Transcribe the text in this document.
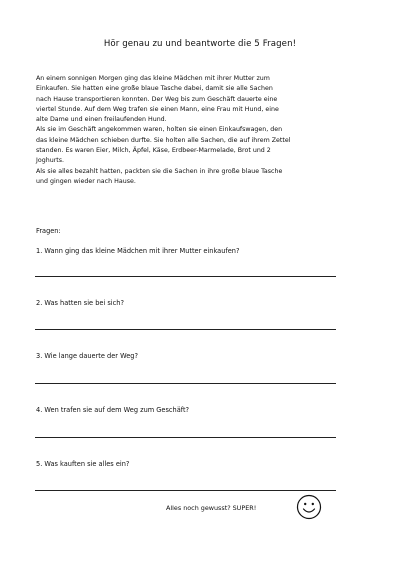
Hör genau zu und beantworte die 5 Fragen!
An einem sonnigen Morgen ging das kleine Mädchen mit ihrer Mutter zum
Einkaufen. Sie hatten eine große blaue Tasche dabei, damit sie alle Sachen
nach Hause transportieren konnten. Der Weg bis zum Geschäft dauerte eine
viertel Stunde. Auf dem Weg trafen sie einen Mann, eine Frau mit Hund, eine
alte Dame und einen freilaufenden Hund.
Als sie im Geschäft angekommen waren, holten sie einen Einkaufswagen, den
das kleine Mädchen schieben durfte. Sie holten alle Sachen, die auf ihrem Zettel
standen. Es waren Eier, Milch, Äpfel, Käse, Erdbeer-Marmelade, Brot und 2
Joghurts.
Als sie alles bezahlt hatten, packten sie die Sachen in ihre große blaue Tasche
und gingen wieder nach Hause.
Fragen:
1. Wann ging das kleine Mädchen mit ihrer Mutter einkaufen?
2. Was hatten sie bei sich?
3. Wie lange dauerte der Weg?
4. Wen trafen sie auf dem Weg zum Geschäft?
5. Was kauften sie alles ein?
Alles noch gewusst? SUPER!
